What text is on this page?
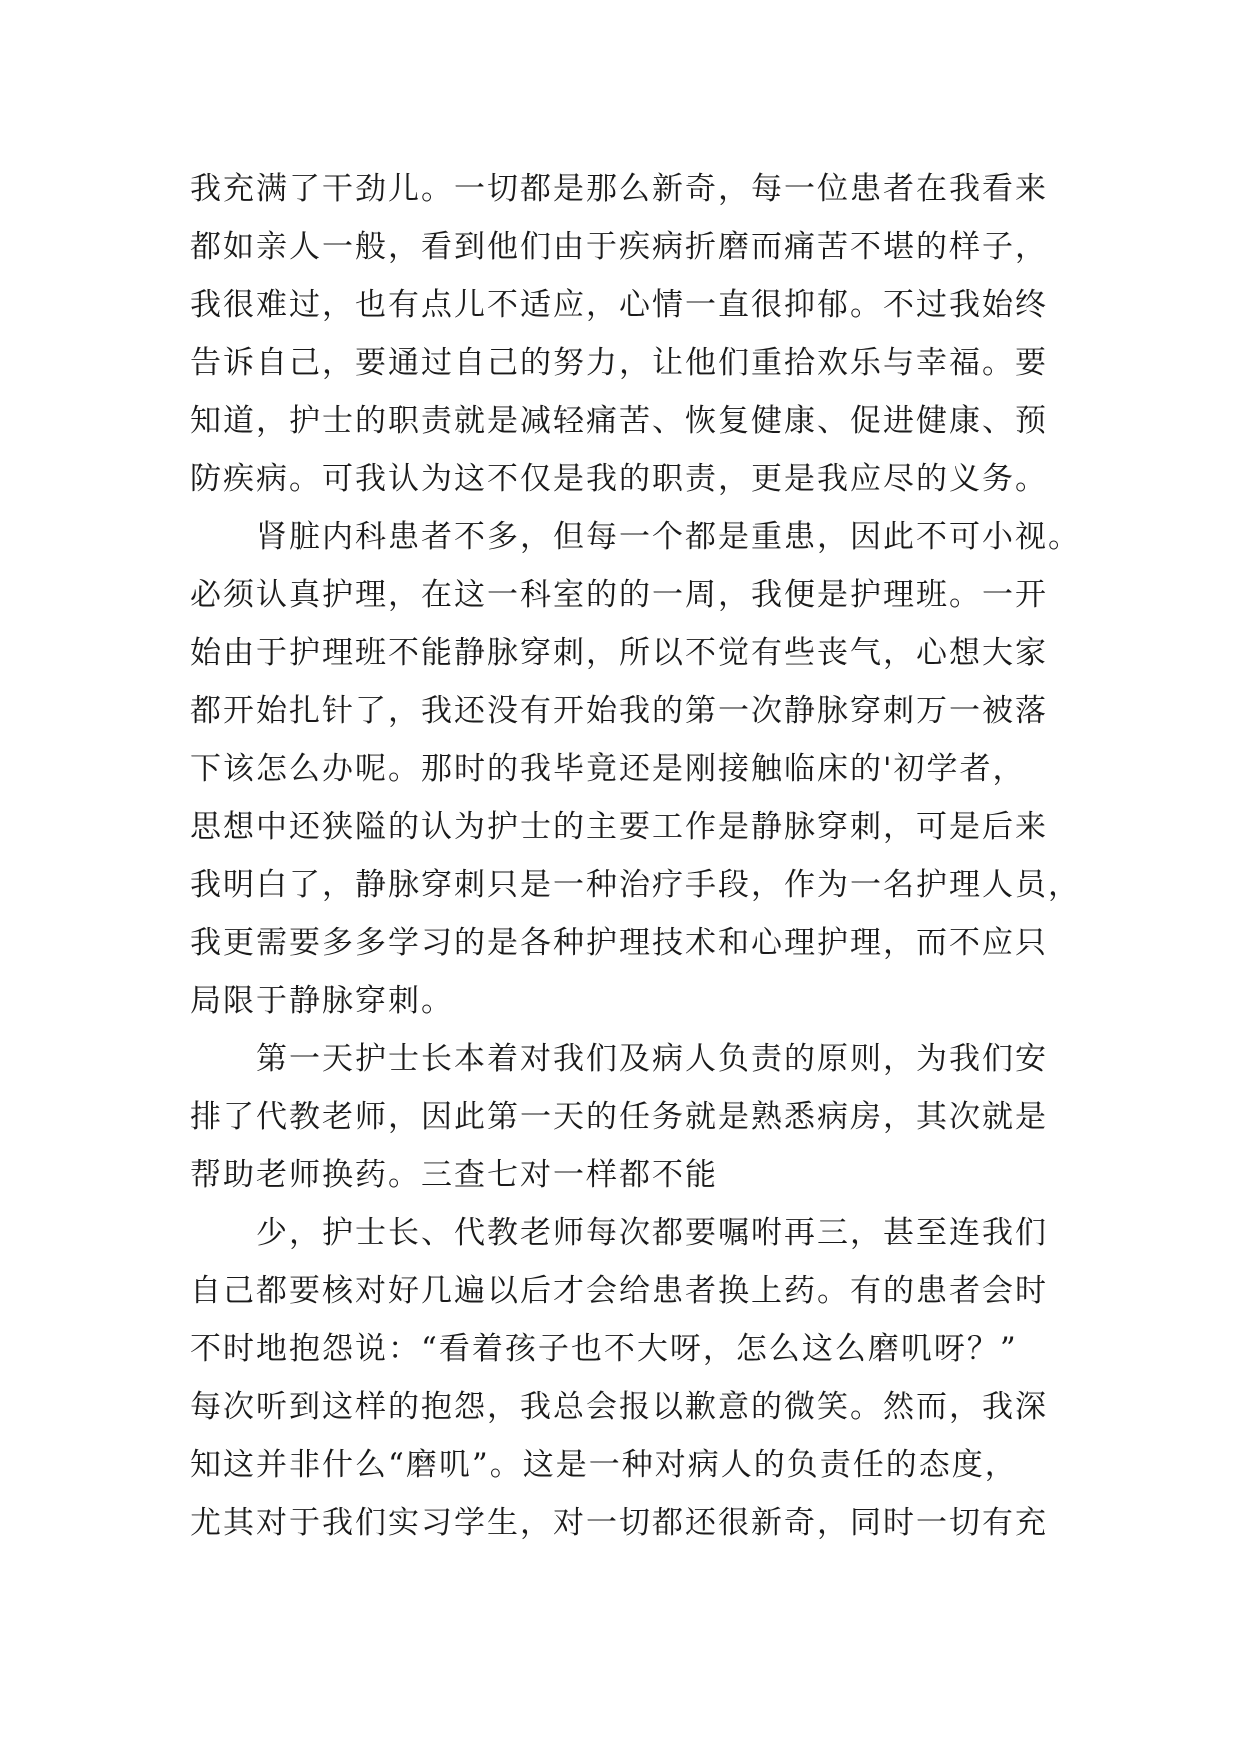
我充满了干劲儿。一切都是那么新奇，每一位患者在我看来
都如亲人一般，看到他们由于疾病折磨而痛苦不堪的样子，
我很难过，也有点儿不适应，心情一直很抑郁。不过我始终
告诉自己，要通过自己的努力，让他们重拾欢乐与幸福。要
知道，护士的职责就是减轻痛苦、恢复健康、促进健康、预
防疾病。可我认为这不仅是我的职责，更是我应尽的义务。
肾脏内科患者不多，但每一个都是重患，因此不可小视。
必须认真护理，在这一科室的的一周，我便是护理班。一开
始由于护理班不能静脉穿刺，所以不觉有些丧气，心想大家
都开始扎针了，我还没有开始我的第一次静脉穿刺万一被落
下该怎么办呢。那时的我毕竟还是刚接触临床的'初学者，
思想中还狭隘的认为护士的主要工作是静脉穿刺，可是后来
我明白了，静脉穿刺只是一种治疗手段，作为一名护理人员，
我更需要多多学习的是各种护理技术和心理护理，而不应只
局限于静脉穿刺。
第一天护士长本着对我们及病人负责的原则，为我们安
排了代教老师，因此第一天的任务就是熟悉病房，其次就是
帮助老师换药。三查七对一样都不能
少，护士长、代教老师每次都要嘱咐再三，甚至连我们
自己都要核对好几遍以后才会给患者换上药。有的患者会时
不时地抱怨说：“看着孩子也不大呀，怎么这么磨叽呀？”
每次听到这样的抱怨，我总会报以歉意的微笑。然而，我深
知这并非什么“磨叽”。这是一种对病人的负责任的态度，
尤其对于我们实习学生，对一切都还很新奇，同时一切有充
